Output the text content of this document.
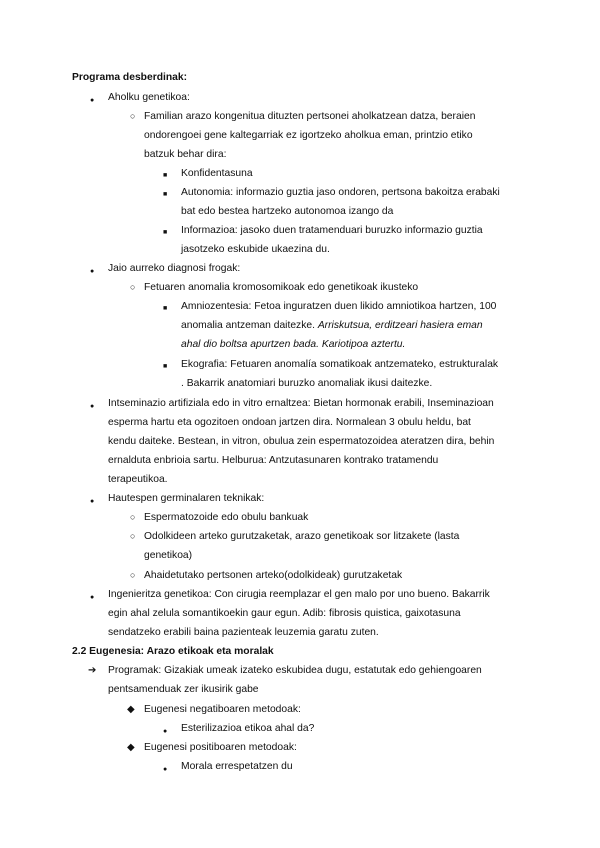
Programa desberdinak:
●
Aholku genetikoa:
○
Familian arazo kongenitua dituzten pertsonei aholkatzean datza, beraien
ondorengoei gene kaltegarriak ez igortzeko aholkua eman, printzio etiko
batzuk behar dira:
■
Konfidentasuna
■
Autonomia: informazio guztia jaso ondoren, pertsona bakoitza erabaki
bat edo bestea hartzeko autonomoa izango da
■
Informazioa: jasoko duen tratamenduari buruzko informazio guztia
jasotzeko eskubide ukaezina du.
●
Jaio aurreko diagnosi frogak:
○
Fetuaren anomalia kromosomikoak edo genetikoak ikusteko
■
Amniozentesia: Fetoa inguratzen duen likido amniotikoa hartzen, 100
anomalia antzeman daitezke. Arriskutsua, erditzeari hasiera eman
ahal dio boltsa apurtzen bada. Kariotipoa aztertu.
■
Ekografia: Fetuaren anomalía somatikoak antzemateko, estrukturalak
. Bakarrik anatomiari buruzko anomaliak ikusi daitezke.
●
Intseminazio artifiziala edo in vitro ernaltzea: Bietan hormonak erabili, Inseminazioan
esperma hartu eta ogozitoen ondoan jartzen dira. Normalean 3 obulu heldu, bat
kendu daiteke. Bestean, in vitron, obulua zein espermatozoidea ateratzen dira, behin
ernalduta enbrioia sartu. Helburua: Antzutasunaren kontrako tratamendu
terapeutikoa.
●
Hautespen germinalaren teknikak:
○
Espermatozoide edo obulu bankuak
○
Odolkideen arteko gurutzaketak, arazo genetikoak sor litzakete (lasta
genetikoa)
○
Ahaidetutako pertsonen arteko(odolkideak) gurutzaketak
●
Ingenieritza genetikoa: Con cirugia reemplazar el gen malo por uno bueno. Bakarrik
egin ahal zelula somantikoekin gaur egun. Adib: fibrosis quistica, gaixotasuna
sendatzeko erabili baina pazienteak leuzemia garatu zuten.
2.2 Eugenesia: Arazo etikoak eta moralak
➔
Programak: Gizakiak umeak izateko eskubidea dugu, estatutak edo gehiengoaren
pentsamenduak zer ikusirik gabe
◆
Eugenesi negatiboaren metodoak:
●
Esterilizazioa etikoa ahal da?
◆
Eugenesi positiboaren metodoak:
●
Morala errespetatzen du
